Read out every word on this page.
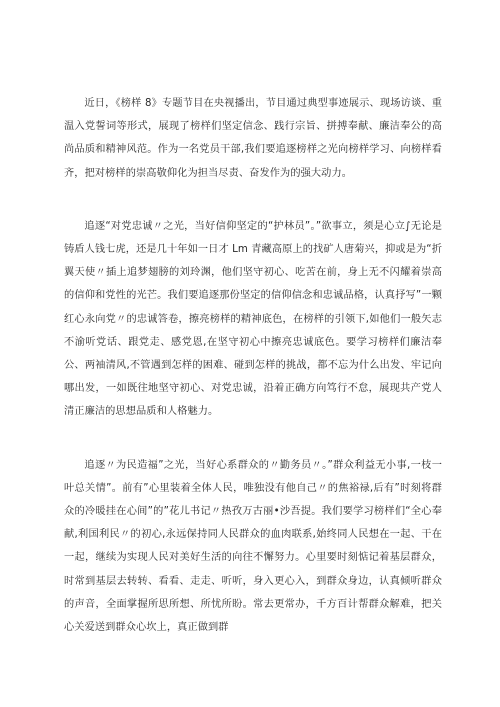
近日，《榜样 8》专题节目在央视播出，节目通过典型事迹展示、现场访谈、重温入党誓词等形式，展现了榜样们坚定信念、践行宗旨、拼搏奉献、廉洁奉公的高尚品质和精神风范。作为一名党员干部,我们要追逐榜样之光向榜样学习、向榜样看齐，把对榜样的崇高敬仰化为担当尽责、奋发作为的强大动力。

追逐“对党忠诚〃之光，当好信仰坚定的“护林员”。”欲事立，须是心立∫无论是铸盾人钱七虎，还是几十年如一日才 Lm 青藏高原上的找矿人唐菊兴，抑或是为“折翼天使〃插上追梦翅膀的刘玲渊，他们坚守初心、吃苦在前，身上无不闪耀着崇高的信仰和党性的光芒。我们要追逐那份坚定的信仰信念和忠诚品格，认真抒写”一颗红心永向党〃的忠诚答卷，擦亮榜样的精神底色，在榜样的引领下,如他们一般矢志不渝听党话、跟党走、感党恩,在坚守初心中擦亮忠诚底色。要学习榜样们廉洁奉公、两袖清风,不管遇到怎样的困难、碰到怎样的挑战，都不忘为什么出发、牢记向哪出发，一如既往地坚守初心、对党忠诚，沿着正确方向笃行不怠，展现共产党人清正廉洁的思想品质和人格魅力。

追逐〃为民造福”之光，当好心系群众的〃勤务员〃。”群众利益无小事,一枝一叶总关情”。前有”心里装着全体人民，唯独没有他自己〃的焦裕禄,后有”时刻将群众的冷暖挂在心间”的”花儿书记〃热孜万古丽•沙吾提。我们要学习榜样们“全心奉献,利国利民〃的初心,永远保持同人民群众的血肉联系,始终同人民想在一起、干在一起，继续为实现人民对美好生活的向往不懈努力。心里要时刻惦记着基层群众，时常到基层去转转、看看、走走、听听，身入更心入，到群众身边，认真倾听群众的声音，全面掌握所思所想、所忧所盼。常去更常办，千方百计帮群众解难，把关心关爱送到群众心坎上，真正做到群
